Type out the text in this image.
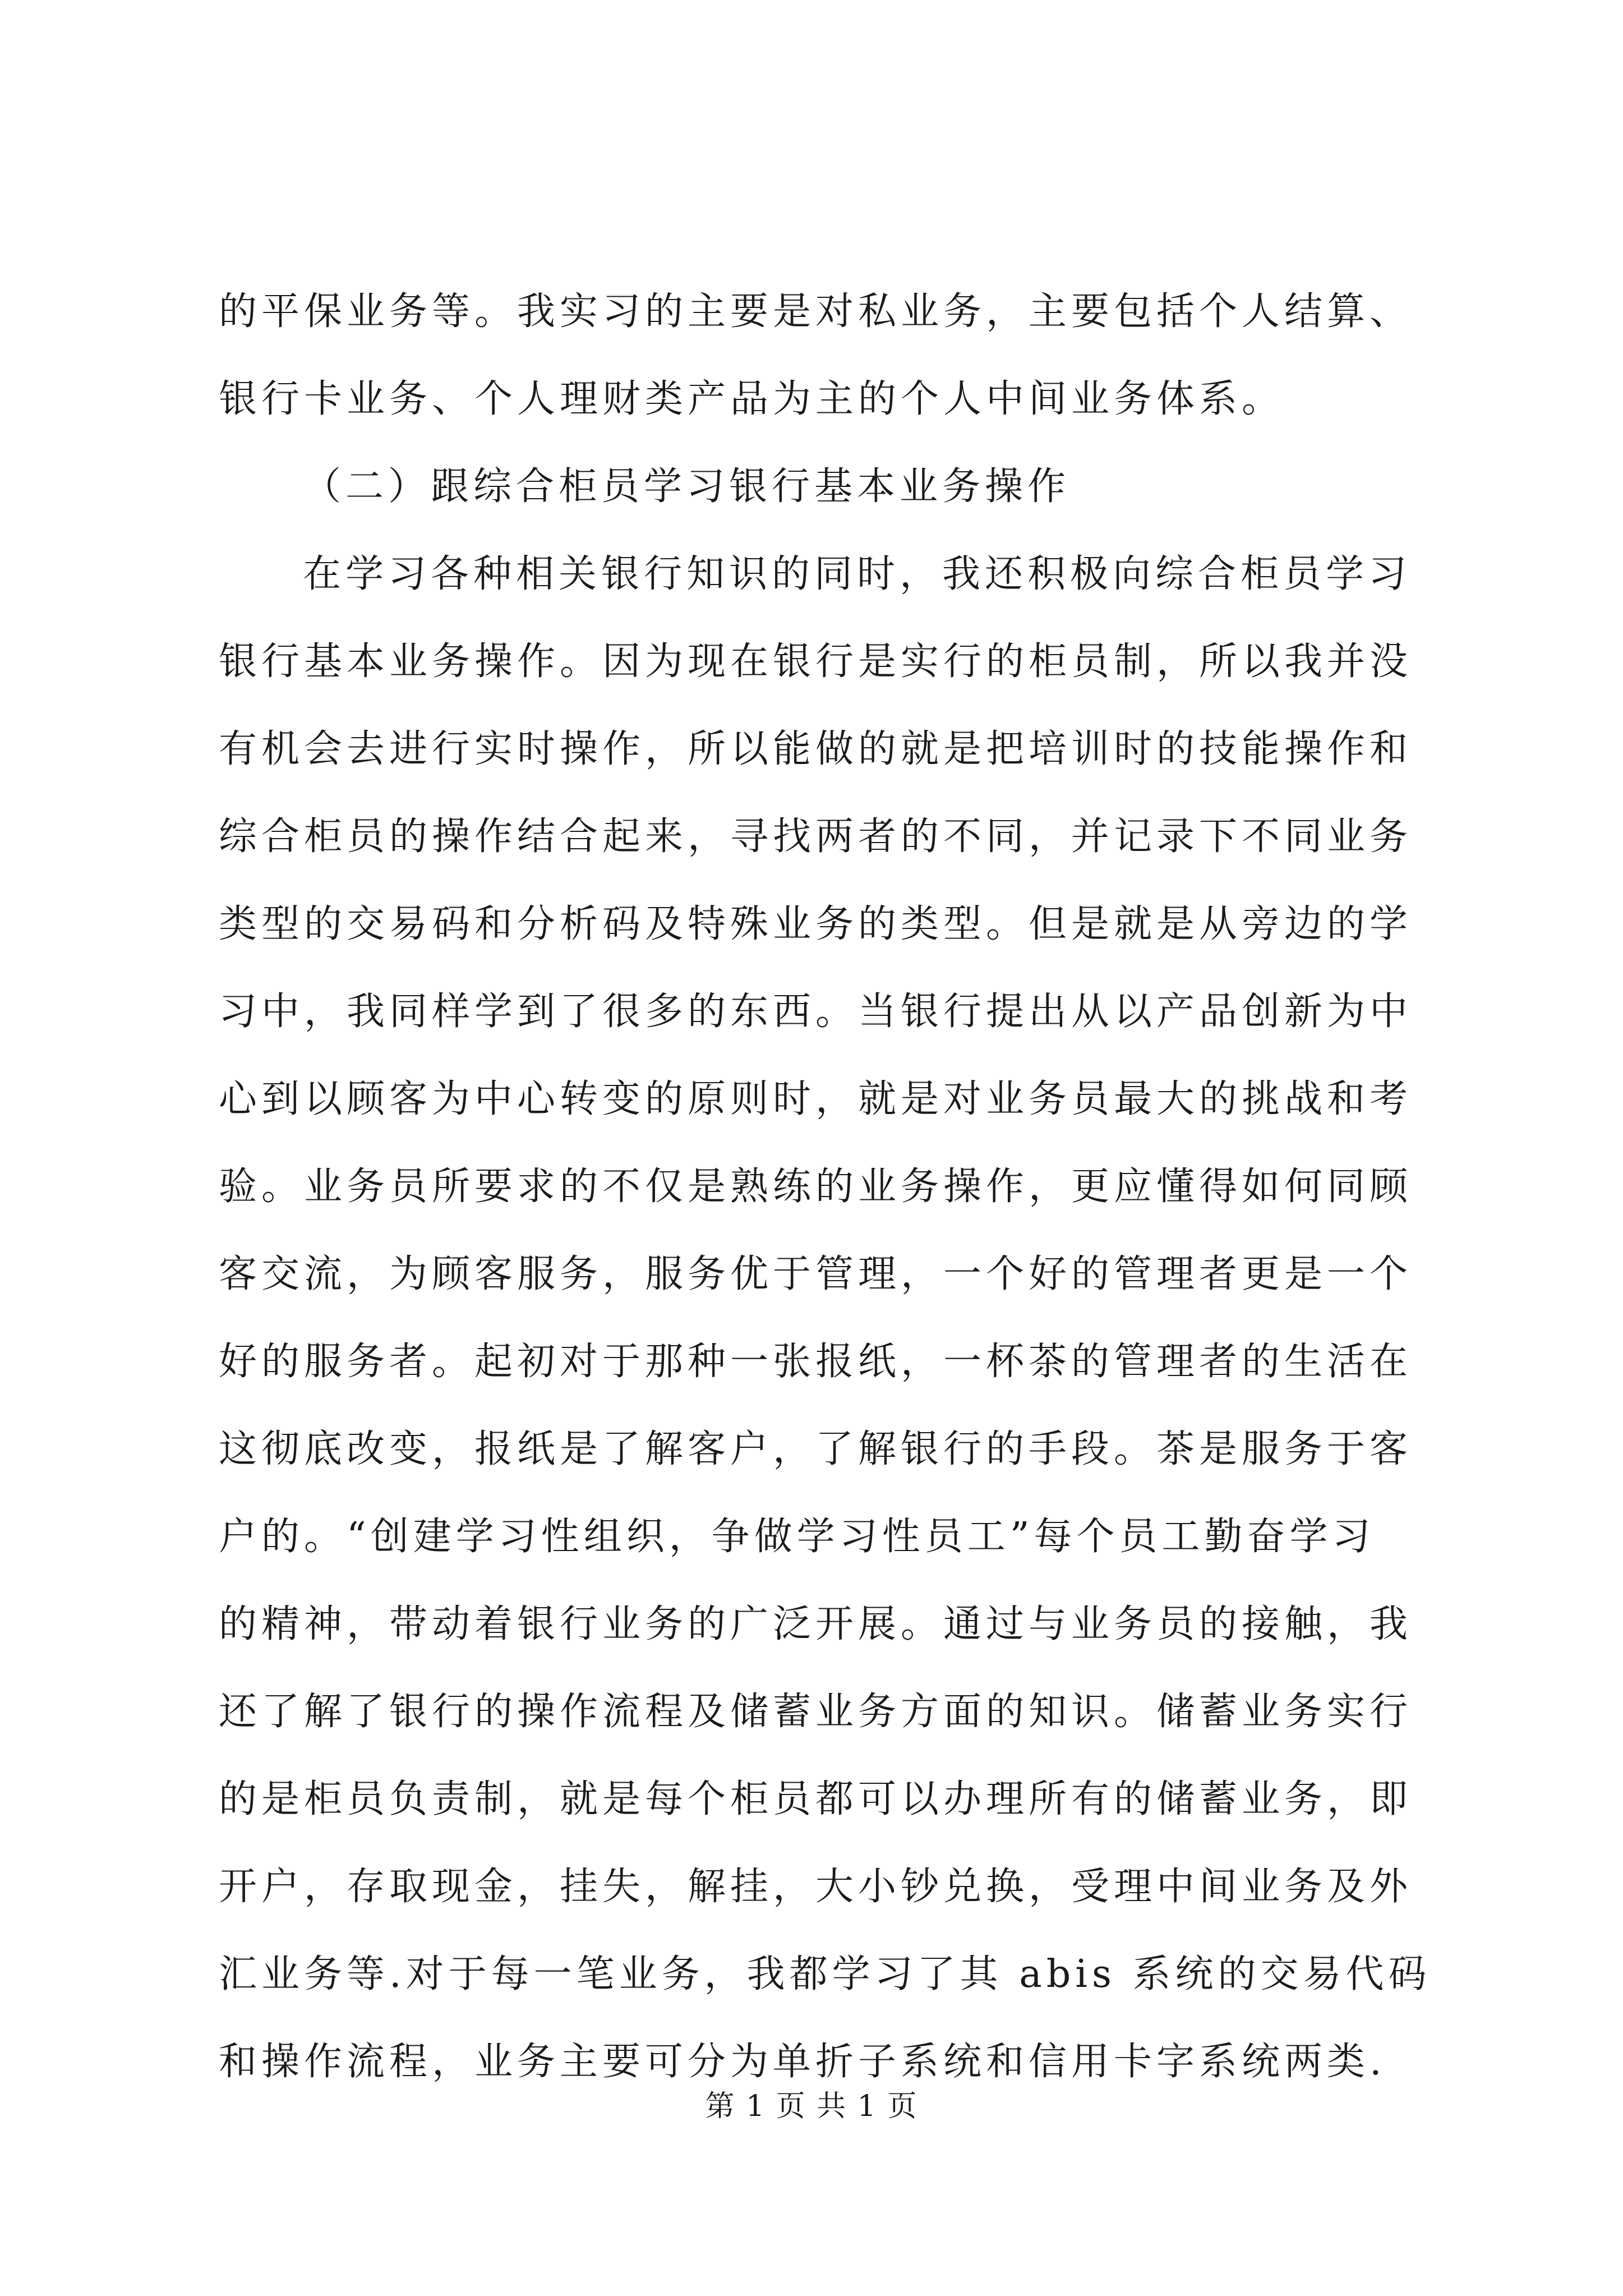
的平保业务等。我实习的主要是对私业务，主要包括个人结算、
银行卡业务、个人理财类产品为主的个人中间业务体系。
（二）跟综合柜员学习银行基本业务操作
在学习各种相关银行知识的同时，我还积极向综合柜员学习
银行基本业务操作。因为现在银行是实行的柜员制，所以我并没
有机会去进行实时操作，所以能做的就是把培训时的技能操作和
综合柜员的操作结合起来，寻找两者的不同，并记录下不同业务
类型的交易码和分析码及特殊业务的类型。但是就是从旁边的学
习中，我同样学到了很多的东西。当银行提出从以产品创新为中
心到以顾客为中心转变的原则时，就是对业务员最大的挑战和考
验。业务员所要求的不仅是熟练的业务操作，更应懂得如何同顾
客交流，为顾客服务，服务优于管理，一个好的管理者更是一个
好的服务者。起初对于那种一张报纸，一杯茶的管理者的生活在
这彻底改变，报纸是了解客户，了解银行的手段。茶是服务于客
户的。“创建学习性组织，争做学习性员工”每个员工勤奋学习
的精神，带动着银行业务的广泛开展。通过与业务员的接触，我
还了解了银行的操作流程及储蓄业务方面的知识。储蓄业务实行
的是柜员负责制，就是每个柜员都可以办理所有的储蓄业务，即
开户，存取现金，挂失，解挂，大小钞兑换，受理中间业务及外
汇业务等.对于每一笔业务，我都学习了其 abis 系统的交易代码
和操作流程，业务主要可分为单折子系统和信用卡字系统两类.
第 1 页 共 1 页
